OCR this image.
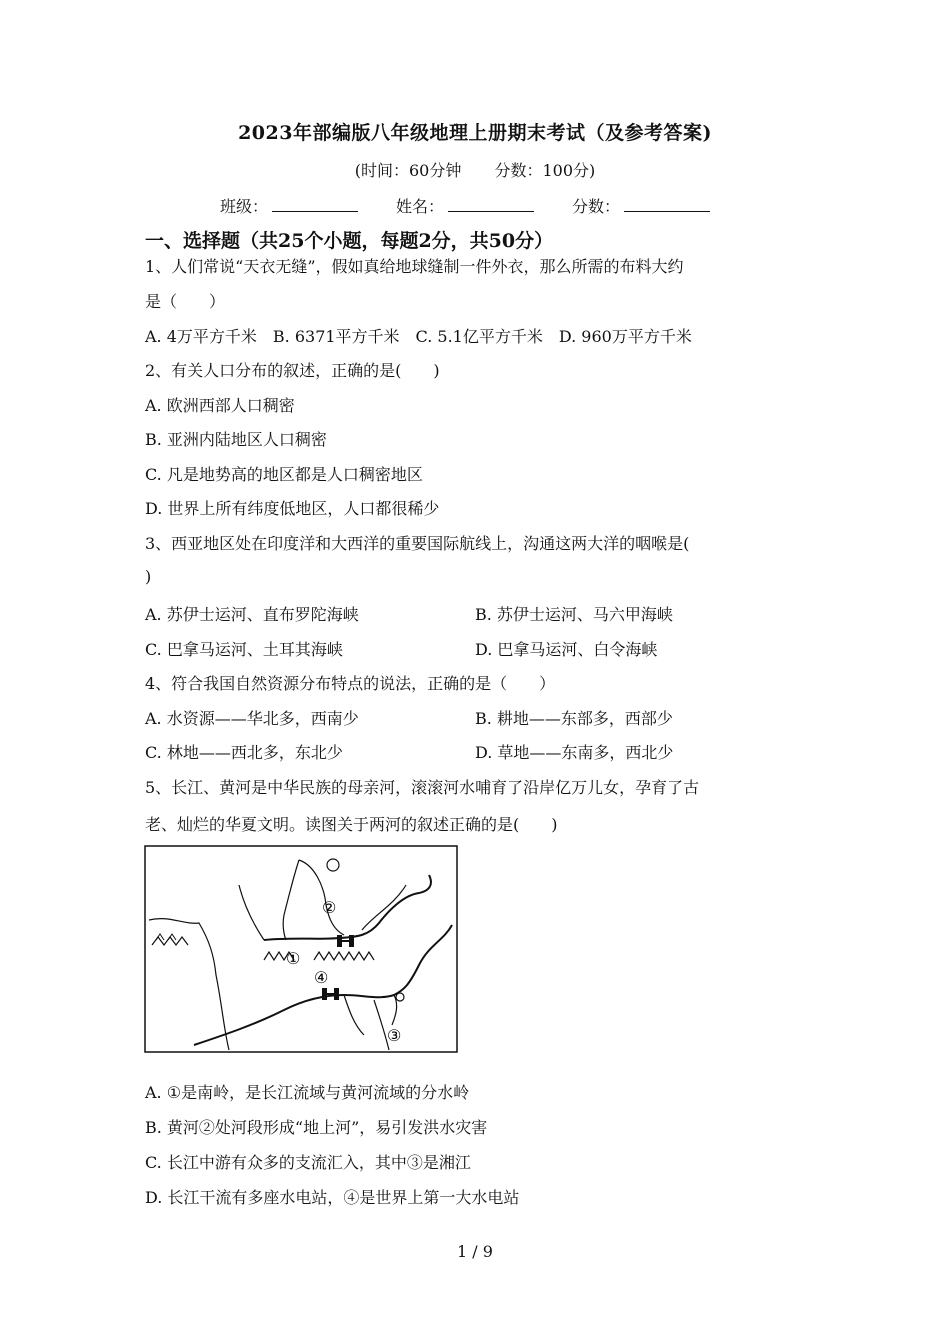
2023年部编版八年级地理上册期末考试（及参考答案)
(时间：60分钟 分数：100分)
班级：	姓名：	分数：
一、选择题（共25个小题，每题2分，共50分）
1、人们常说“天衣无缝”，假如真给地球缝制一件外衣，那么所需的布料大约
是（　　）
A. 4万平方千米　B. 6371平方千米　C. 5.1亿平方千米　D. 960万平方千米
2、有关人口分布的叙述，正确的是(　　)
A. 欧洲西部人口稠密
B. 亚洲内陆地区人口稠密
C. 凡是地势高的地区都是人口稠密地区
D. 世界上所有纬度低地区，人口都很稀少
3、西亚地区处在印度洋和大西洋的重要国际航线上，沟通这两大洋的咽喉是(
)
A. 苏伊士运河、直布罗陀海峡	B. 苏伊士运河、马六甲海峡
C. 巴拿马运河、土耳其海峡	D. 巴拿马运河、白令海峡
4、符合我国自然资源分布特点的说法，正确的是（　　）
A. 水资源——华北多，西南少	B. 耕地——东部多，西部少
C. 林地——西北多，东北少	D. 草地——东南多，西北少
5、长江、黄河是中华民族的母亲河，滚滚河水哺育了沿岸亿万儿女，孕育了古
老、灿烂的华夏文明。读图关于两河的叙述正确的是(　　)
②
①
④
③
A. ①是南岭，是长江流域与黄河流域的分水岭
B. 黄河②处河段形成“地上河”，易引发洪水灾害
C. 长江中游有众多的支流汇入，其中③是湘江
D. 长江干流有多座水电站，④是世界上第一大水电站
1 / 9
